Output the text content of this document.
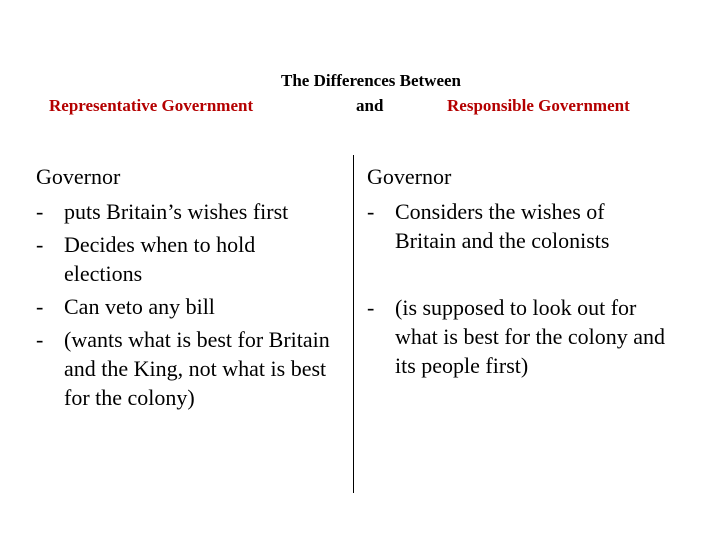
The Differences Between
Representative Government	and	Responsible Government
Governor
- puts Britain’s wishes first
- Decides when to hold elections
- Can veto any bill
- (wants what is best for Britain and the King, not what is best for the colony)
Governor
- Considers the wishes of Britain and the colonists
- (is supposed to look out for what is best for the colony and its people first)
